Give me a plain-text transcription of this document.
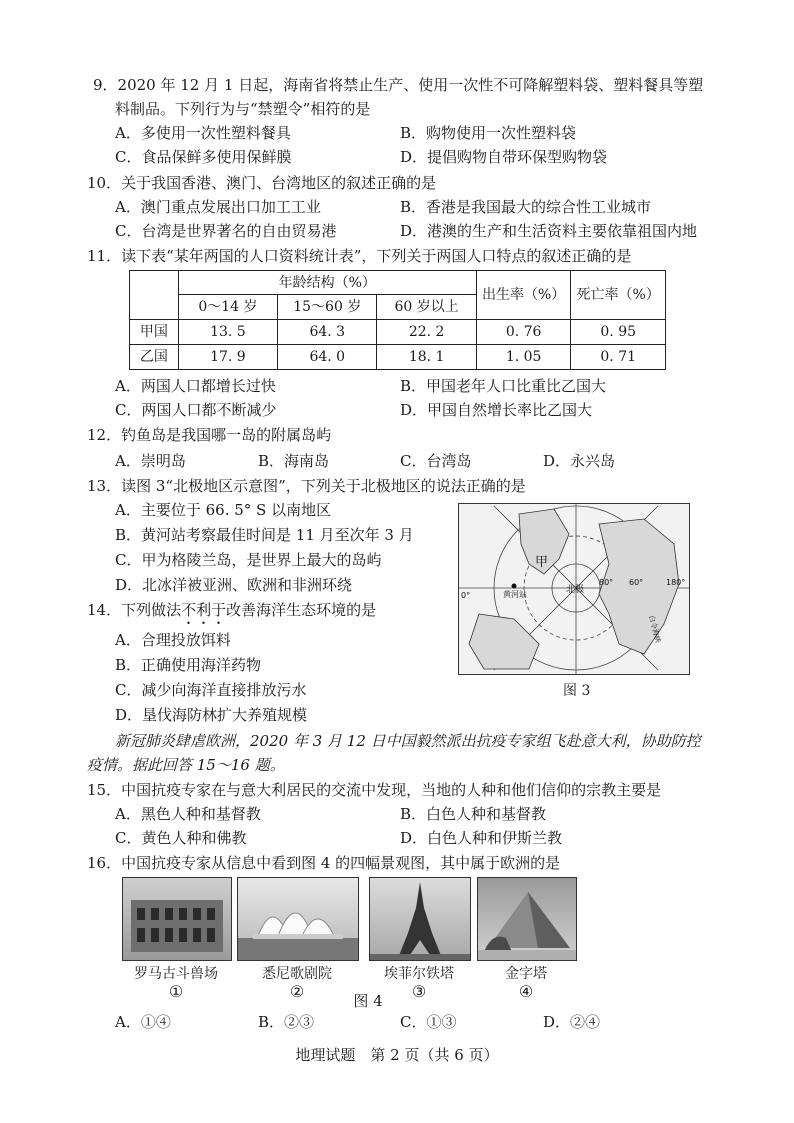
9．2020 年 12 月 1 日起，海南省将禁止生产、使用一次性不可降解塑料袋、塑料餐具等塑
料制品。下列行为与“禁塑令”相符的是
A．多使用一次性塑料餐具	B．购物使用一次性塑料袋
C．食品保鲜多使用保鲜膜	D．提倡购物自带环保型购物袋
10．关于我国香港、澳门、台湾地区的叙述正确的是
A．澳门重点发展出口加工工业	B．香港是我国最大的综合性工业城市
C．台湾是世界著名的自由贸易港	D．港澳的生产和生活资料主要依靠祖国内地
11．读下表“某年两国的人口资料统计表”，下列关于两国人口特点的叙述正确的是
	年龄结构（%）			出生率（%）	死亡率（%）
	0～14 岁	15～60 岁	60 岁以上		
甲国	13. 5	64. 3	22. 2	0. 76	0. 95
乙国	17. 9	64. 0	18. 1	1. 05	0. 71
A．两国人口都增长过快	B．甲国老年人口比重比乙国大
C．两国人口都不断减少	D．甲国自然增长率比乙国大
12．钓鱼岛是我国哪一岛的附属岛屿
A．崇明岛	B．海南岛	C．台湾岛	D．永兴岛
13．读图 3“北极地区示意图”，下列关于北极地区的说法正确的是
A．主要位于 66. 5° S 以南地区
B．黄河站考察最佳时间是 11 月至次年 3 月
C．甲为格陵兰岛，是世界上最大的岛屿
D．北冰洋被亚洲、欧洲和非洲环绕
甲
黄河站	北极
80° 60°	180°
0°
白令海峡
图 3
14．下列做法不利于改善海洋生态环境的是
A．合理投放饵料
B．正确使用海洋药物
C．减少向海洋直接排放污水
D．垦伐海防林扩大养殖规模
新冠肺炎肆虐欧洲，2020 年 3 月 12 日中国毅然派出抗疫专家组飞赴意大利，协助防控
疫情。据此回答 15～16 题。
15．中国抗疫专家在与意大利居民的交流中发现，当地的人种和他们信仰的宗教主要是
A．黑色人种和基督教	B．白色人种和基督教
C．黄色人种和佛教	D．白色人种和伊斯兰教
16．中国抗疫专家从信息中看到图 4 的四幅景观图，其中属于欧洲的是
罗马古斗兽场
①
悉尼歌剧院
②
埃菲尔铁塔
③
金字塔
④
图 4
A．①④	B．②③	C．①③	D．②④
地理试题　第 2 页（共 6 页）
